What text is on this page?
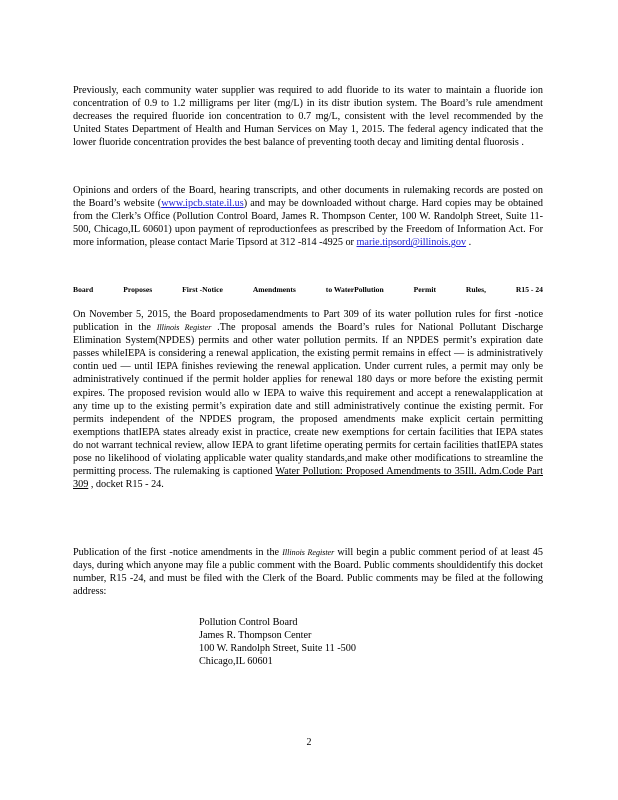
Previously, each community water supplier was required to add fluoride to its water to maintain a fluoride ion concentration of 0.9 to 1.2 milligrams per liter (mg/L) in its distr ibution system. The Board’s rule amendment decreases the required fluoride ion concentration to 0.7 mg/L, consistent with the level recommended by the United States Department of Health and Human Services on May 1, 2015. The federal agency indicated that the lower fluoride concentration provides the best balance of preventing tooth decay and limiting dental fluorosis .

Opinions and orders of the Board, hearing transcripts, and other documents in rulemaking records are posted on the Board’s website (www.ipcb.state.il.us) and may be downloaded without charge. Hard copies may be obtained from the Clerk’s Office (Pollution Control Board, James R. Thompson Center, 100 W. Randolph Street, Suite 11-500, Chicago,IL 60601) upon payment of reproductionfees as prescribed by the Freedom of Information Act. For more information, please contact Marie Tipsord at 312 -814 -4925 or marie.tipsord@illinois.gov .

Board	Proposes	First -Notice	Amendments	to WaterPollution	Permit	Rules,	R15 - 24

On November 5, 2015, the Board proposedamendments to Part 309 of its water pollution rules for first -notice publication in the Illinois Register .The proposal amends the Board’s rules for National Pollutant Discharge Elimination System(NPDES) permits and other water pollution permits. If an NPDES permit’s expiration date passes whileIEPA is considering a renewal application, the existing permit remains in effect — is administratively contin ued — until IEPA finishes reviewing the renewal application. Under current rules, a permit may only be administratively continued if the permit holder applies for renewal 180 days or more before the existing permit expires. The proposed revision would allo w IEPA to waive this requirement and accept a renewalapplication at any time up to the existing permit’s expiration date and still administratively continue the existing permit. For permits independent of the NPDES program, the proposed amendments make explicit certain permitting exemptions thatIEPA states already exist in practice, create new exemptions for certain facilities that IEPA states do not warrant technical review, allow IEPA to grant lifetime operating permits for certain facilities thatIEPA states pose no likelihood of violating applicable water quality standards,and make other modifications to streamline the permitting process. The rulemaking is captioned Water Pollution: Proposed Amendments to 35Ill. Adm.Code Part 309 , docket R15 - 24.

Publication of the first -notice amendments in the Illinois Register will begin a public comment period of at least 45 days, during which anyone may file a public comment with the Board. Public comments shouldidentify this docket number, R15 -24, and must be filed with the Clerk of the Board. Public comments may be filed at the following address:

Pollution Control Board
James R. Thompson Center
100 W. Randolph Street, Suite 11 -500
Chicago,IL 60601
2
